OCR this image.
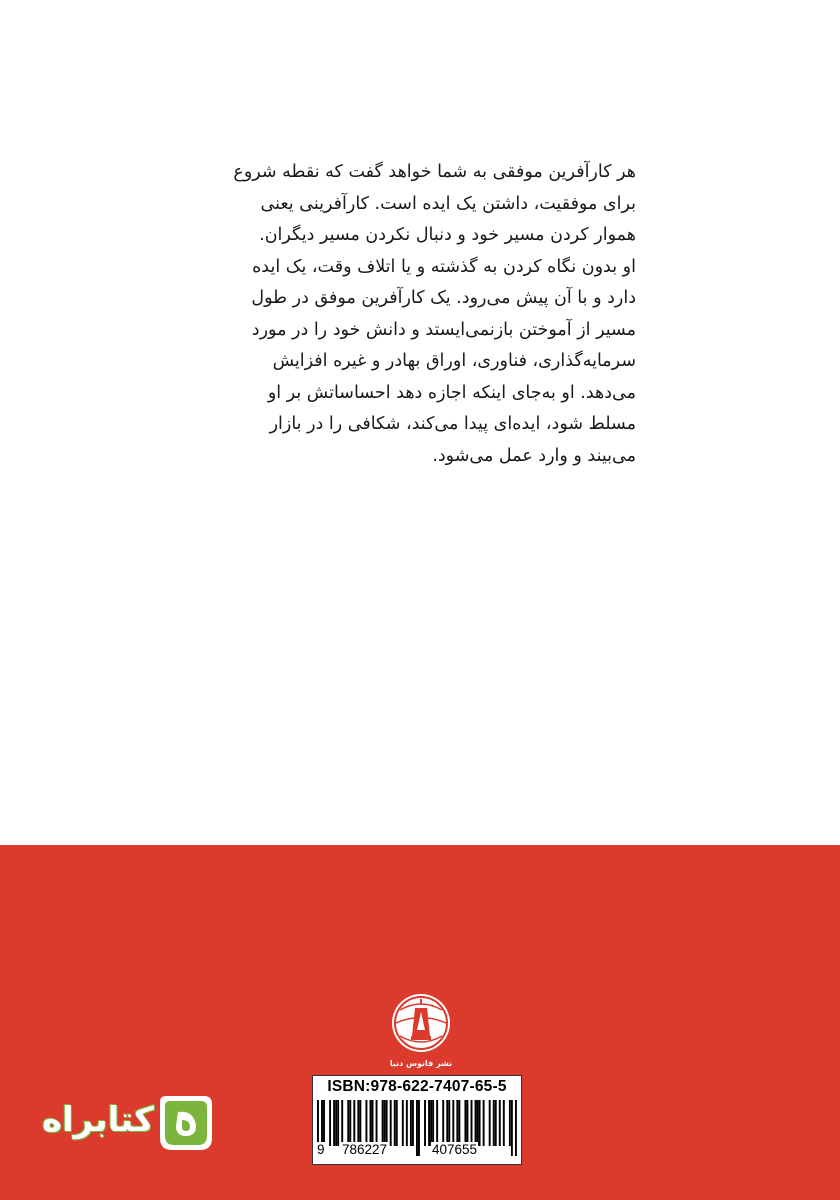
هر کارآفرین موفقی به شما خواهد گفت که نقطه شروع

برای موفقیت، داشتن یک ایده است. کارآفرینی یعنی

هموار کردن مسیر خود و دنبال نکردن مسیر دیگران.

او بدون نگاه کردن به گذشته و یا اتلاف وقت، یک ایده

دارد و با آن پیش می‌رود. یک کارآفرین موفق در طول

مسیر از آموختن بازنمی‌ایستد و دانش خود را در مورد

سرمایه‌گذاری، فناوری، اوراق بهادر و غیره افزایش

می‌دهد. او به‌جای اینکه اجازه دهد احساساتش بر او

مسلط شود، ایده‌ای پیدا می‌کند، شکافی را در بازار

می‌بیند و وارد عمل می‌شود.

نشر فانوس دنیا
ISBN:978-622-7407-65-5
9 786227	407655
کتابراه
